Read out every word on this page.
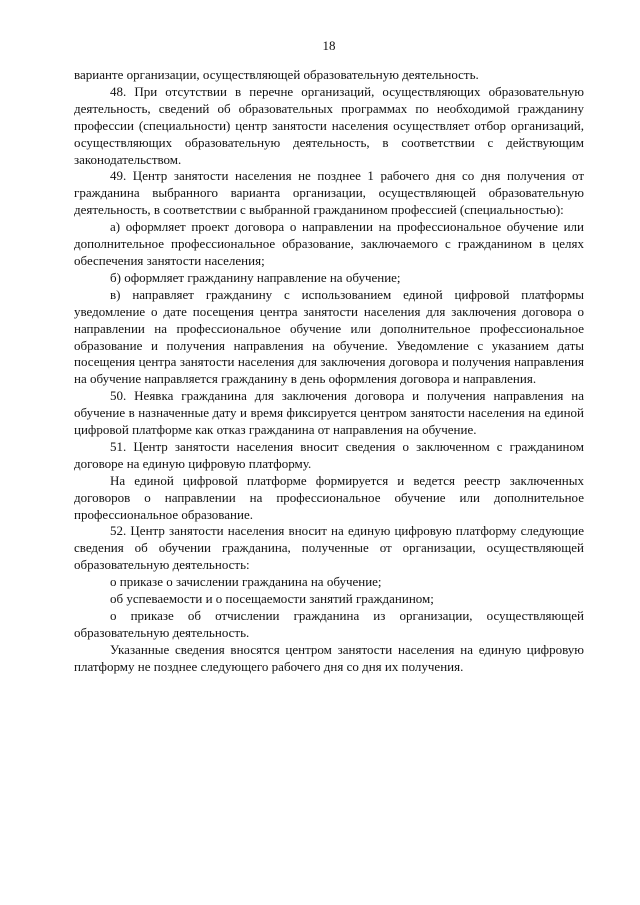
18

варианте организации, осуществляющей образовательную деятельность.

48. При отсутствии в перечне организаций, осуществляющих образовательную деятельность, сведений об образовательных программах по необходимой гражданину профессии (специальности) центр занятости населения осуществляет отбор организаций, осуществляющих образовательную деятельность, в соответствии с действующим законодательством.

49. Центр занятости населения не позднее 1 рабочего дня со дня получения от гражданина выбранного варианта организации, осуществляющей образовательную деятельность, в соответствии с выбранной гражданином профессией (специальностью):

а) оформляет проект договора о направлении на профессиональное обучение или дополнительное профессиональное образование, заключаемого с гражданином в целях обеспечения занятости населения;

б) оформляет гражданину направление на обучение;

в) направляет гражданину с использованием единой цифровой платформы уведомление о дате посещения центра занятости населения для заключения договора о направлении на профессиональное обучение или дополнительное профессиональное образование и получения направления на обучение. Уведомление с указанием даты посещения центра занятости населения для заключения договора и получения направления на обучение направляется гражданину в день оформления договора и направления.

50. Неявка гражданина для заключения договора и получения направления на обучение в назначенные дату и время фиксируется центром занятости населения на единой цифровой платформе как отказ гражданина от направления на обучение.

51. Центр занятости населения вносит сведения о заключенном с гражданином договоре на единую цифровую платформу.

На единой цифровой платформе формируется и ведется реестр заключенных договоров о направлении на профессиональное обучение или дополнительное профессиональное образование.

52. Центр занятости населения вносит на единую цифровую платформу следующие сведения об обучении гражданина, полученные от организации, осуществляющей образовательную деятельность:

о приказе о зачислении гражданина на обучение;

об успеваемости и о посещаемости занятий гражданином;

о приказе об отчислении гражданина из организации, осуществляющей образовательную деятельность.

Указанные сведения вносятся центром занятости населения на единую цифровую платформу не позднее следующего рабочего дня со дня их получения.
